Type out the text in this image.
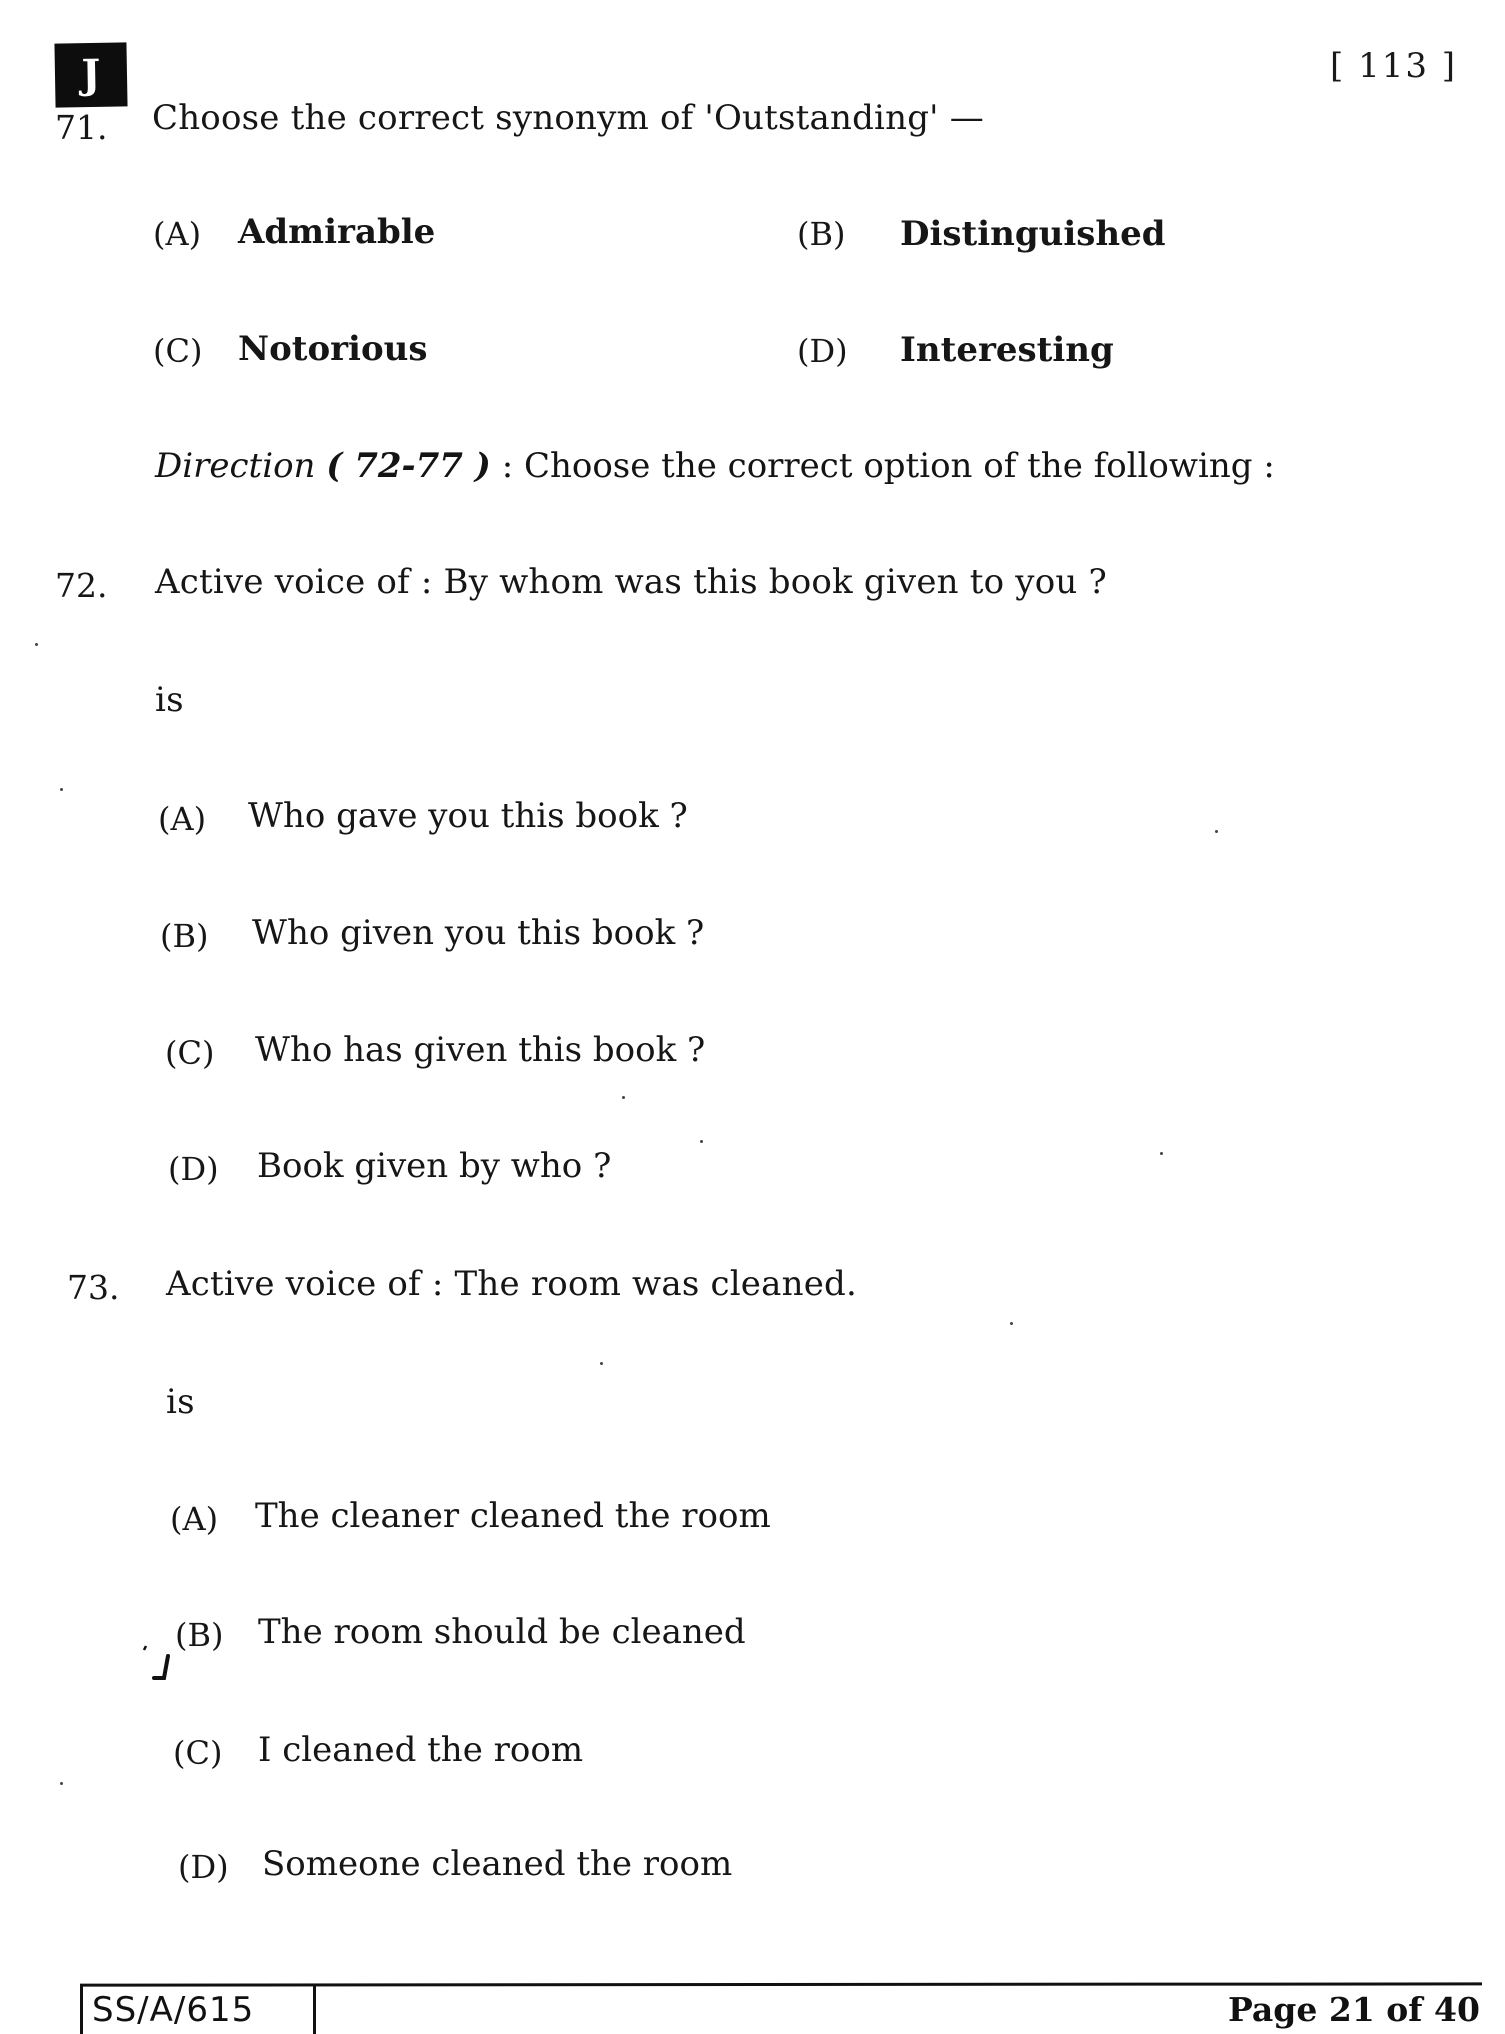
J	[ 113 ]
71. Choose the correct synonym of 'Outstanding' —
(A) Admirable	(B) Distinguished
(C) Notorious	(D) Interesting
Direction ( 72-77 ) : Choose the correct option of the following :
72. Active voice of : By whom was this book given to you ?
is
(A) Who gave you this book ?
(B) Who given you this book ?
(C) Who has given this book ?
(D) Book given by who ?
73. Active voice of : The room was cleaned.
is
(A) The cleaner cleaned the room
(B) The room should be cleaned
(C) I cleaned the room
(D) Someone cleaned the room
SS/A/615	Page 21 of 40
